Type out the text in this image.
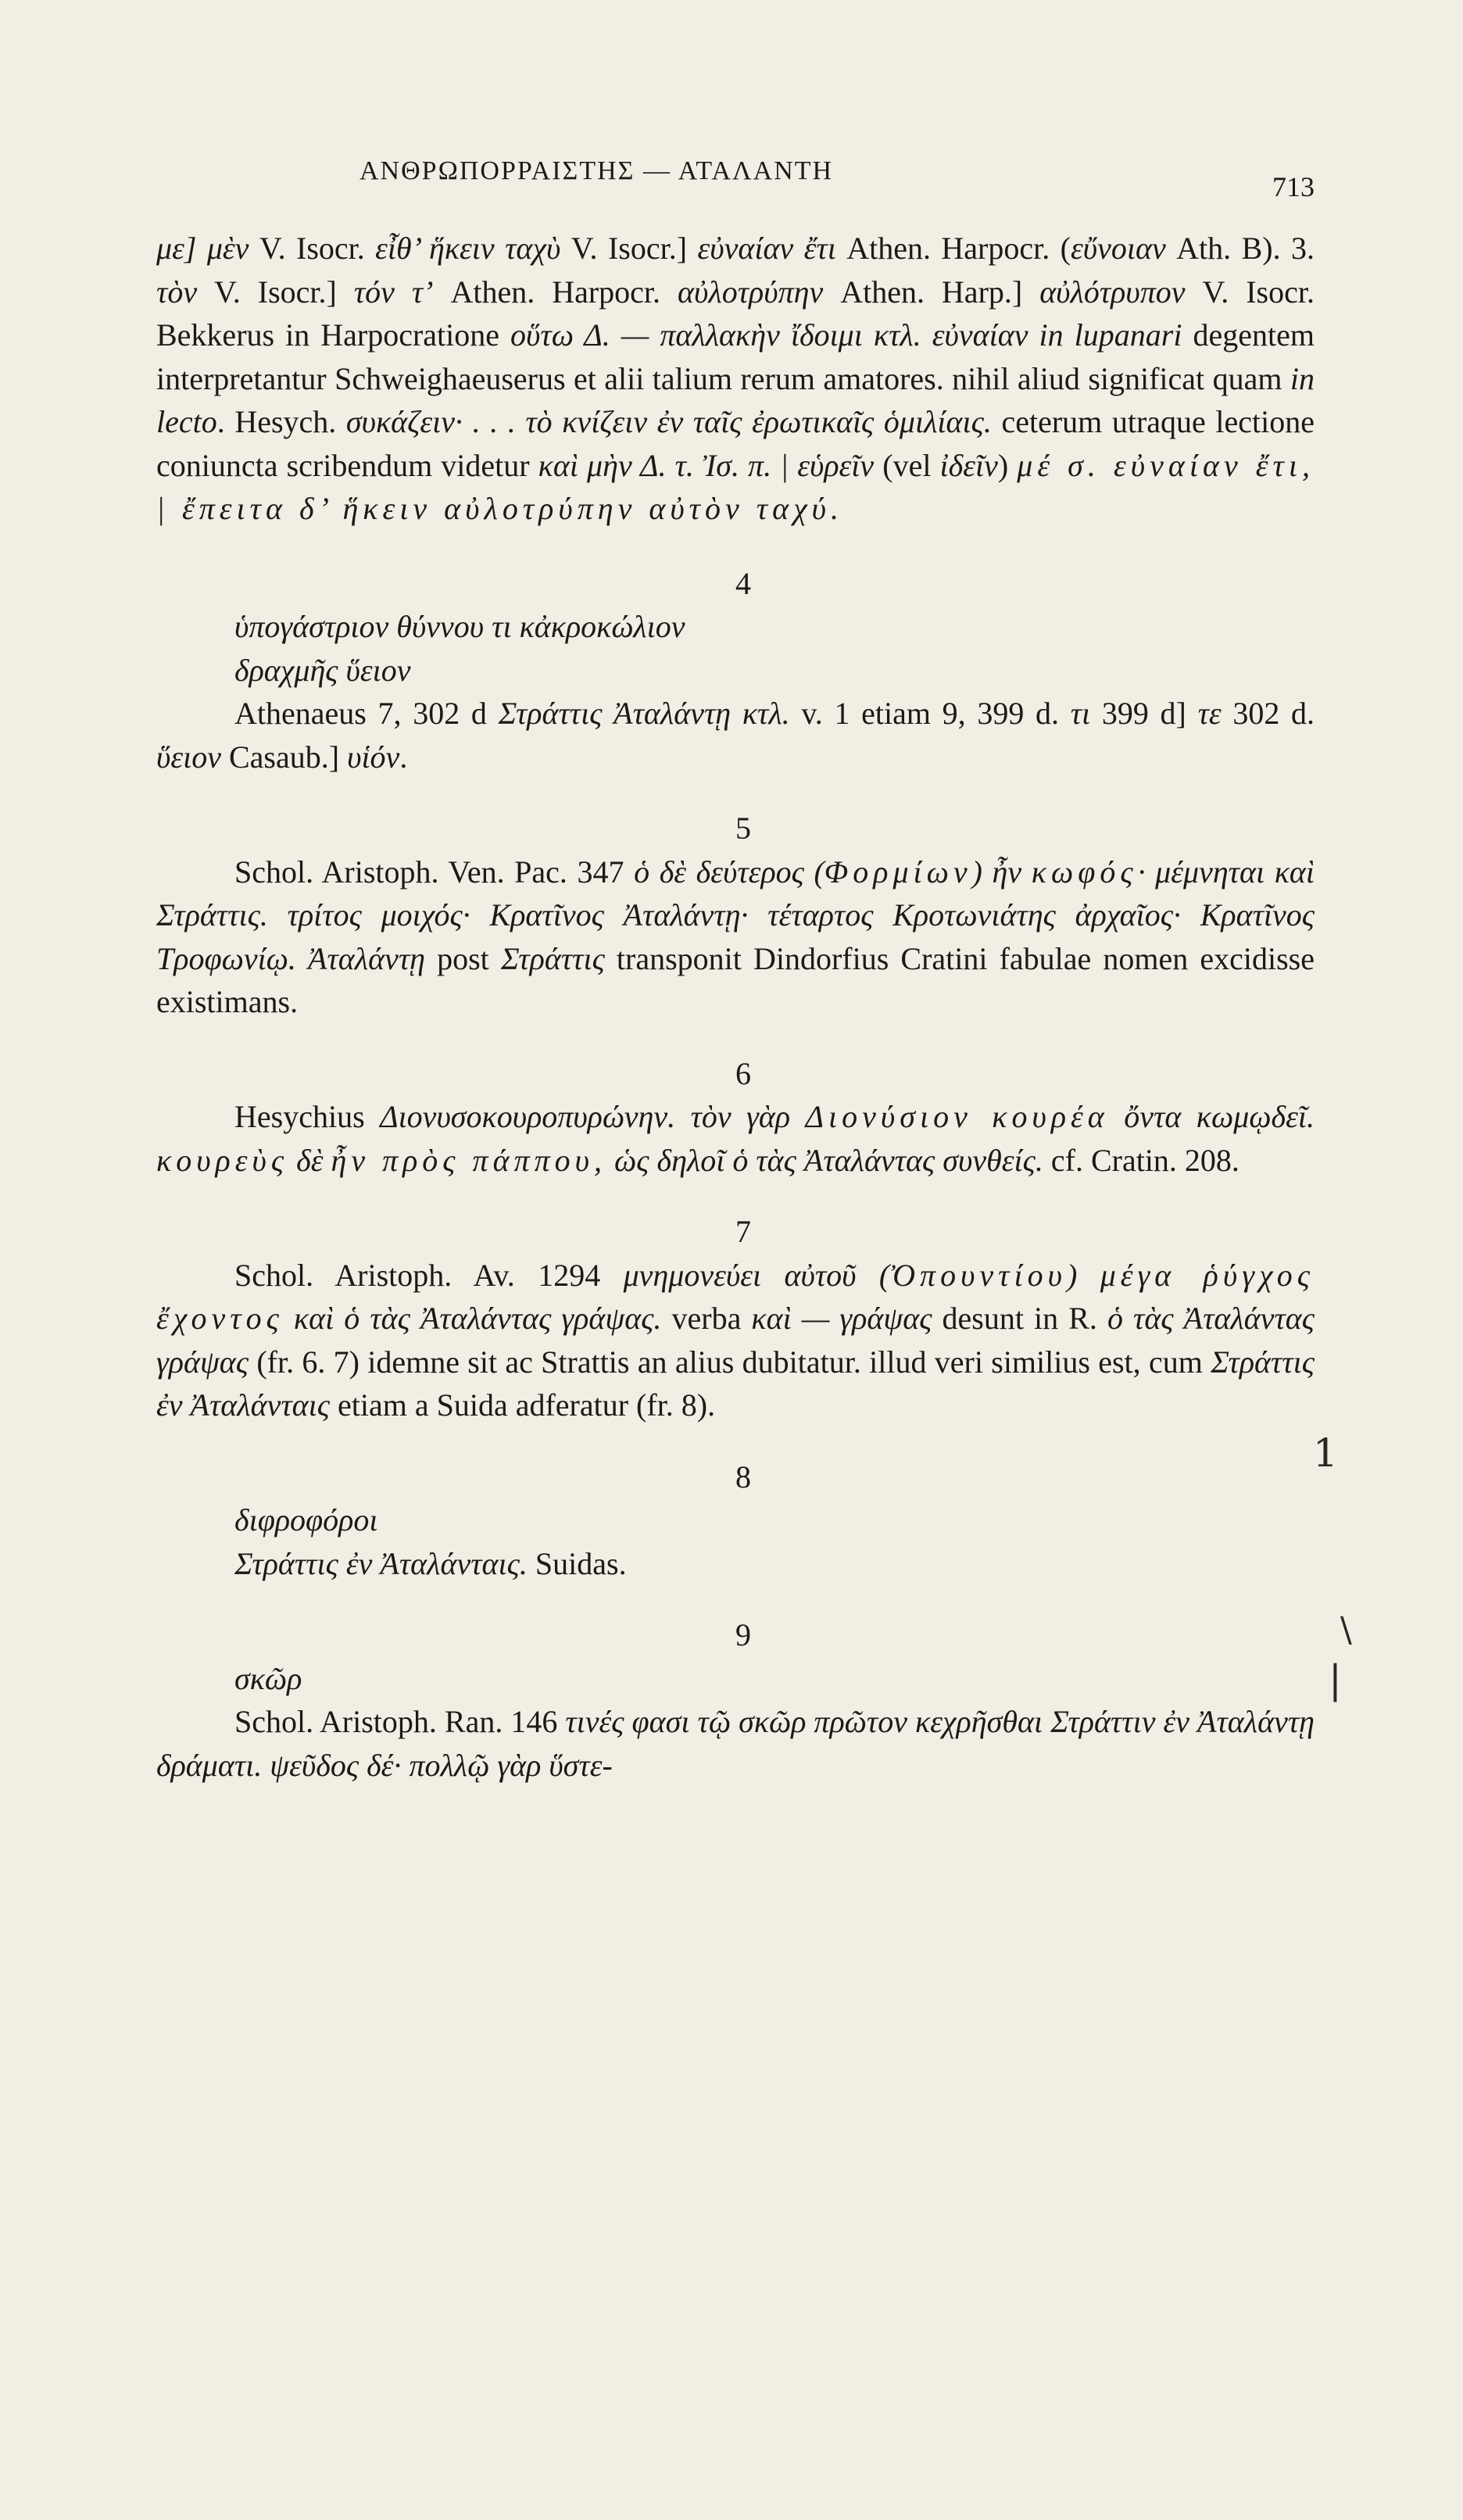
ΑΝΘΡΩΠΟΡΡΑΙΣΤΗΣ — ΑΤΑΛΑΝΤΗ
713

με] μὲν V. Isocr. εἶθ’ ἥκειν ταχὺ V. Isocr.] εὐναίαν ἔτι Athen. Harpocr. (εὔνοιαν Ath. B). 3. τὸν V. Isocr.] τόν τ’ Athen. Harpocr. αὐλοτρύπην Athen. Harp.] αὐλότρυπον V. Isocr. Bekkerus in Harpocratione οὕτω Δ. — παλλακὴν ἴδοιμι κτλ. εὐναίαν in lupanari degentem interpretantur Schweighaeuserus et alii talium rerum amatores. nihil aliud significat quam in lecto. Hesych. συκάζειν· . . . τὸ κνίζειν ἐν ταῖς ἐρωτικαῖς ὁμιλίαις. ceterum utraque lectione coniuncta scribendum videtur καὶ μὴν Δ. τ. Ἰσ. π. | εὑρεῖν (vel ἰδεῖν) μέ σ. εὐναίαν ἔτι, | ἔπειτα δ’ ἥκειν αὐλοτρύπην αὐτὸν ταχύ.

4

ὑπογάστριον θύννου τι κἀκροκώλιον
δραχμῆς ὕειον

Athenaeus 7, 302 d Στράττις Ἀταλάντῃ κτλ. v. 1 etiam 9, 399 d. τι 399 d] τε 302 d. ὕειον Casaub.] υἱόν.

5

Schol. Aristoph. Ven. Pac. 347 ὁ δὲ δεύτερος (Φορμίων) ἦν κωφός· μέμνηται καὶ Στράττις. τρίτος μοιχός· Κρατῖνος Ἀταλάντῃ· τέταρτος Κροτωνιάτης ἀρχαῖος· Κρατῖνος Τροφωνίῳ. Ἀταλάντῃ post Στράττις transponit Dindorfius Cratini fabulae nomen excidisse existimans.

6

Hesychius Διονυσοκουροπυρώνην. τὸν γὰρ Διονύσιον κουρέα ὄντα κωμῳδεῖ. κουρεὺς δὲ ἦν πρὸς πάππου, ὡς δηλοῖ ὁ τὰς Ἀταλάντας συνθείς. cf. Cratin. 208.

7

Schol. Aristoph. Av. 1294 μνημονεύει αὐτοῦ (Ὀπουντίου) μέγα ῥύγχος ἔχοντος καὶ ὁ τὰς Ἀταλάντας γράψας. verba καὶ — γράψας desunt in R. ὁ τὰς Ἀταλάντας γράψας (fr. 6. 7) idemne sit ac Strattis an alius dubitatur. illud veri similius est, cum Στράττις ἐν Ἀταλάνταις etiam a Suida adferatur (fr. 8).

8

διφροφόροι

Στράττις ἐν Ἀταλάνταις. Suidas.

9

σκῶρ

Schol. Aristoph. Ran. 146 τινές φασι τῷ σκῶρ πρῶτον κεχρῆσθαι Στράττιν ἐν Ἀταλάντῃ δράματι. ψεῦδος δέ· πολλῷ γὰρ ὕστε-

1
\
|
